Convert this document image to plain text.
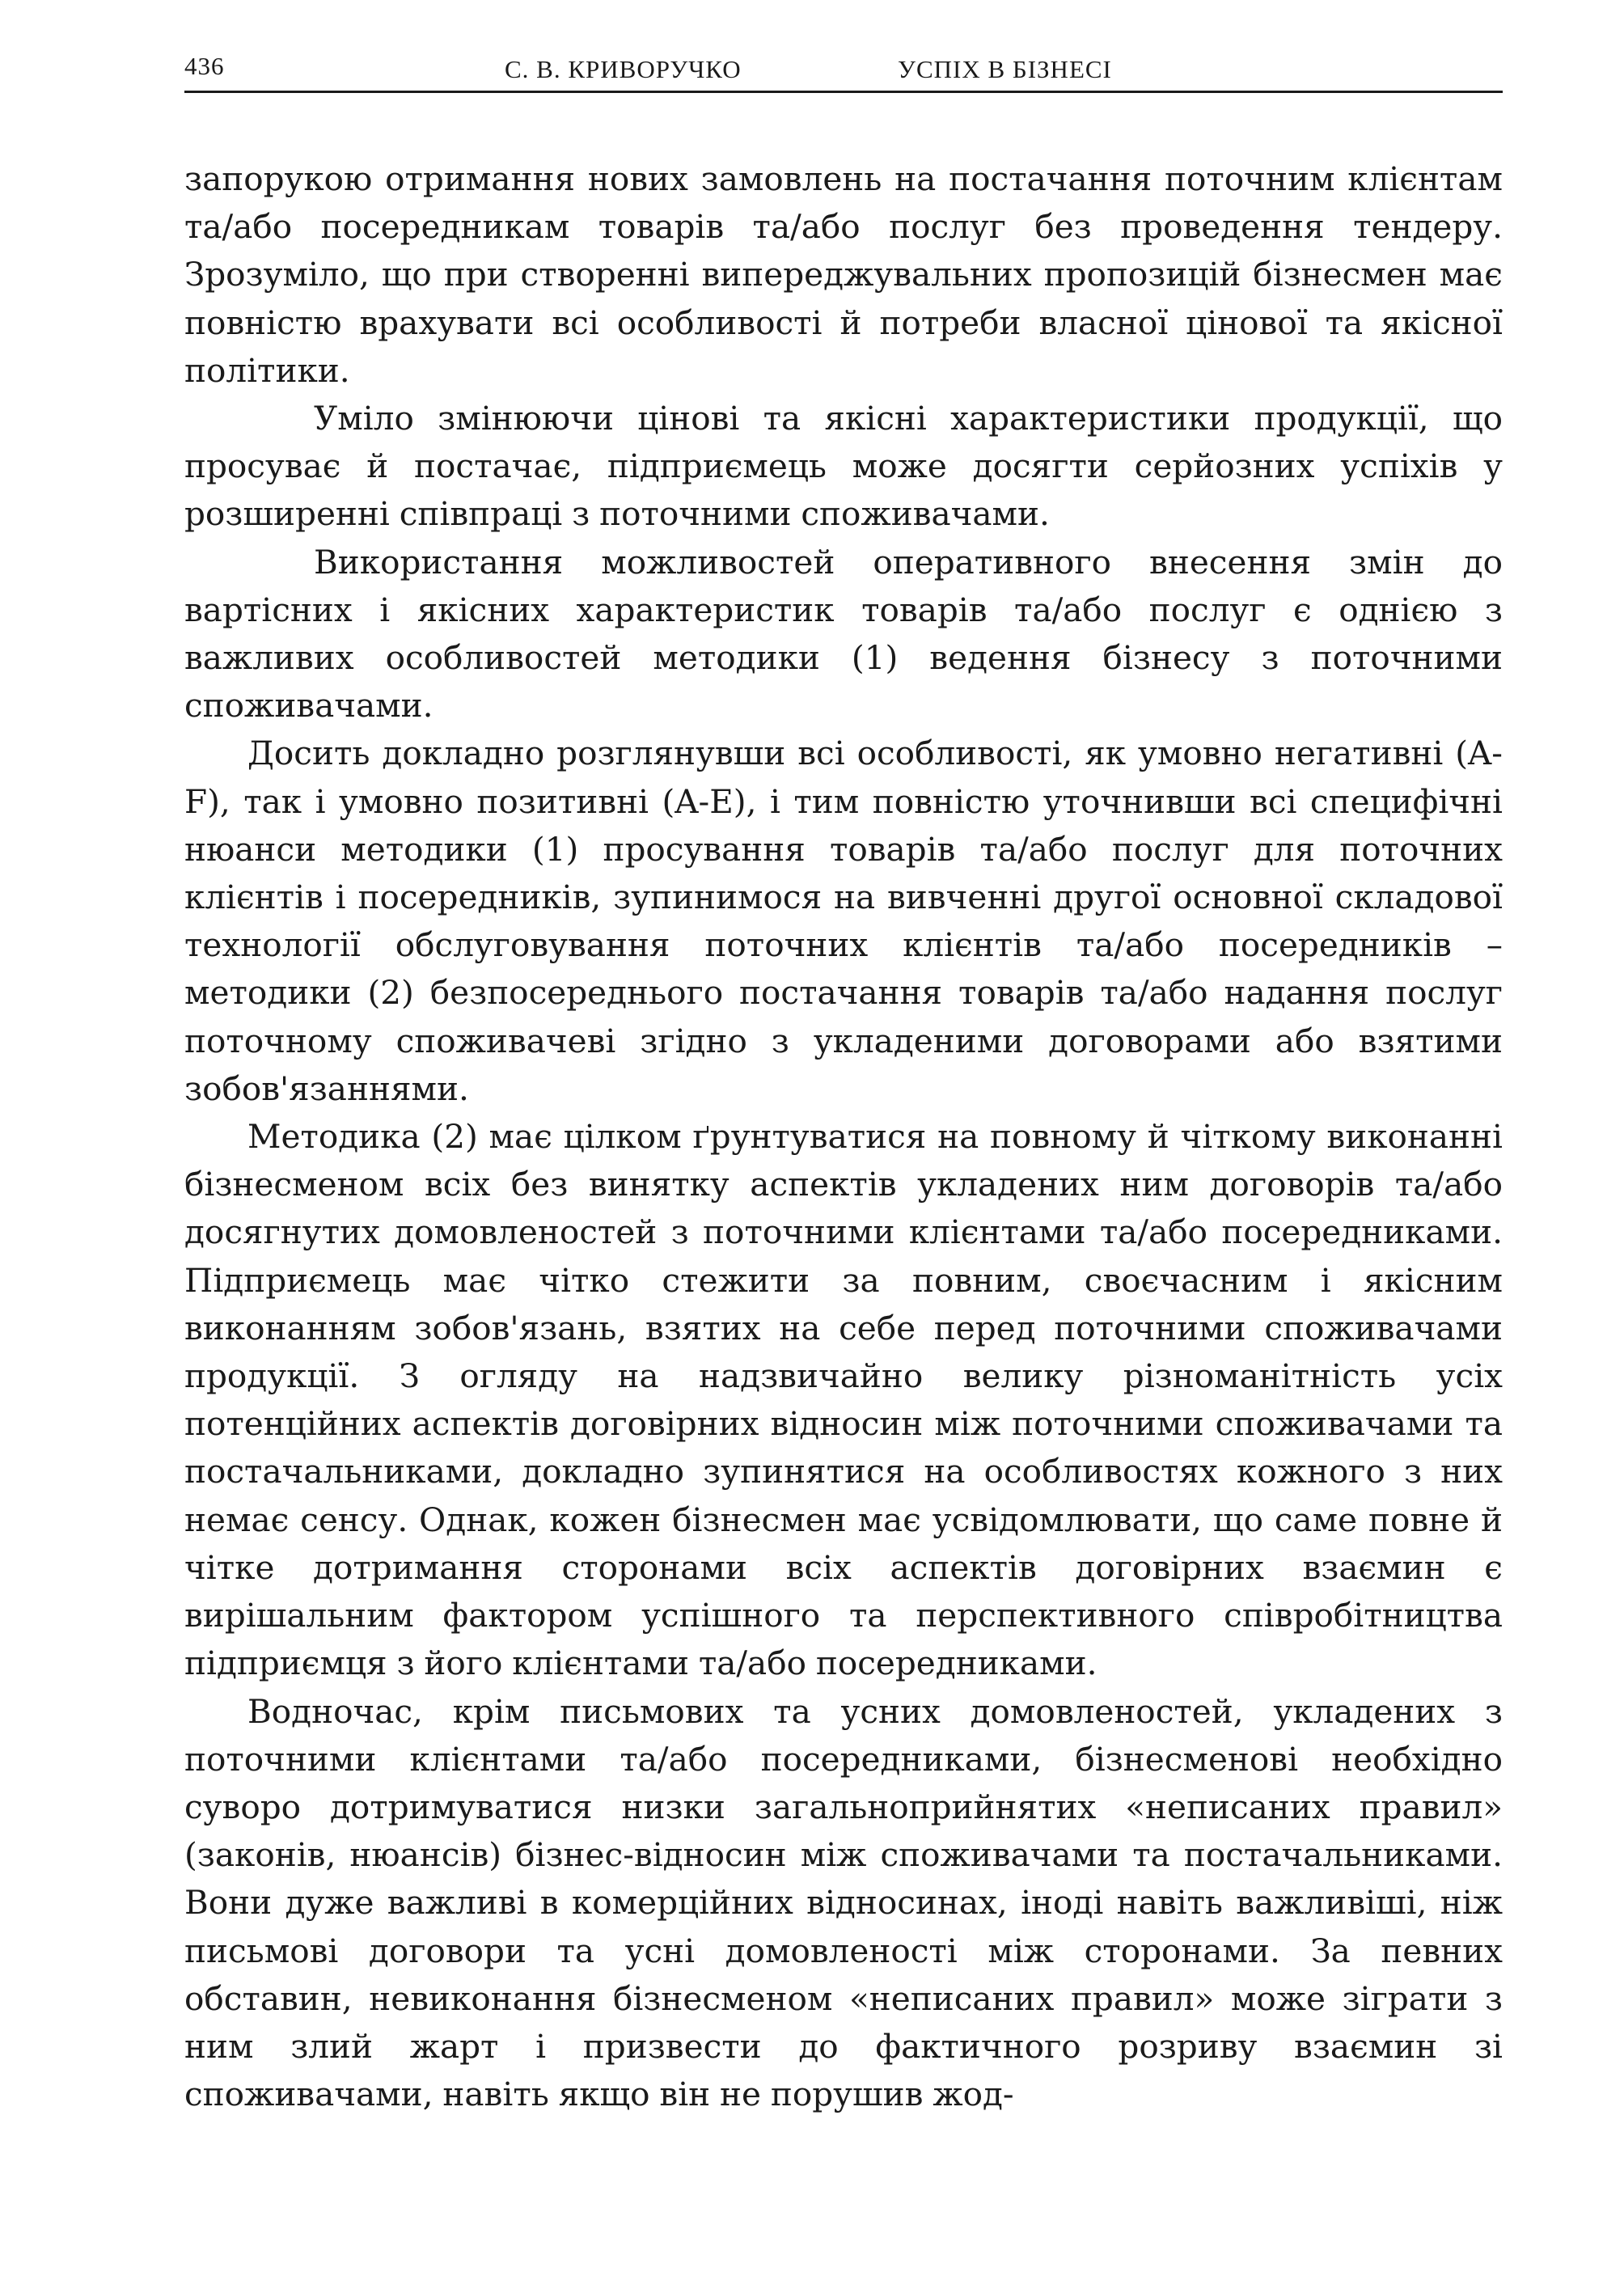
436	С. В. КРИВОРУЧКО	УСПІХ В БІЗНЕСІ

запорукою отримання нових замовлень на постачання поточним клієнтам та/або посередникам товарів та/або послуг без проведення тендеру. Зрозуміло, що при створенні випереджувальних пропозицій бізнесмен має повністю врахувати всі особливості й потреби власної цінової та якісної політики.

Уміло змінюючи цінові та якісні характеристики продукції, що просуває й постачає, підприємець може досягти серйозних успіхів у розширенні співпраці з поточними споживачами.

Використання можливостей оперативного внесення змін до вартісних і якісних характеристик товарів та/або послуг є однією з важливих особливостей методики (1) ведення бізнесу з поточними споживачами.

Досить докладно розглянувши всі особливості, як умовно негативні (A-F), так і умовно позитивні (A-E), і тим повністю уточнивши всі специфічні нюанси методики (1) просування товарів та/або послуг для поточних клієнтів і посередників, зупинимося на вивченні другої основної складової технології обслуговування поточних клієнтів та/або посередників – методики (2) безпосереднього постачання товарів та/або надання послуг поточному споживачеві згідно з укладеними договорами або взятими зобов'язаннями.

Методика (2) має цілком ґрунтуватися на повному й чіткому виконанні бізнесменом всіх без винятку аспектів укладених ним договорів та/або досягнутих домовленостей з поточними клієнтами та/або посередниками. Підприємець має чітко стежити за повним, своєчасним і якісним виконанням зобов'язань, взятих на себе перед поточними споживачами продукції. З огляду на надзвичайно велику різноманітність усіх потенційних аспектів договірних відносин між поточними споживачами та постачальниками, докладно зупинятися на особливостях кожного з них немає сенсу. Однак, кожен бізнесмен має усвідомлювати, що саме повне й чітке дотримання сторонами всіх аспектів договірних взаємин є вирішальним фактором успішного та перспективного співробітництва підприємця з його клієнтами та/або посередниками.

Водночас, крім письмових та усних домовленостей, укладених з поточними клієнтами та/або посередниками, бізнесменові необхідно суворо дотримуватися низки загальноприйнятих «неписаних правил» (законів, нюансів) бізнес-відносин між споживачами та постачальниками. Вони дуже важливі в комерційних відносинах, іноді навіть важливіші, ніж письмові договори та усні домовленості між сторонами. За певних обставин, невиконання бізнесменом «неписаних правил» може зіграти з ним злий жарт і призвести до фактичного розриву взаємин зі споживачами, навіть якщо він не порушив жод-
